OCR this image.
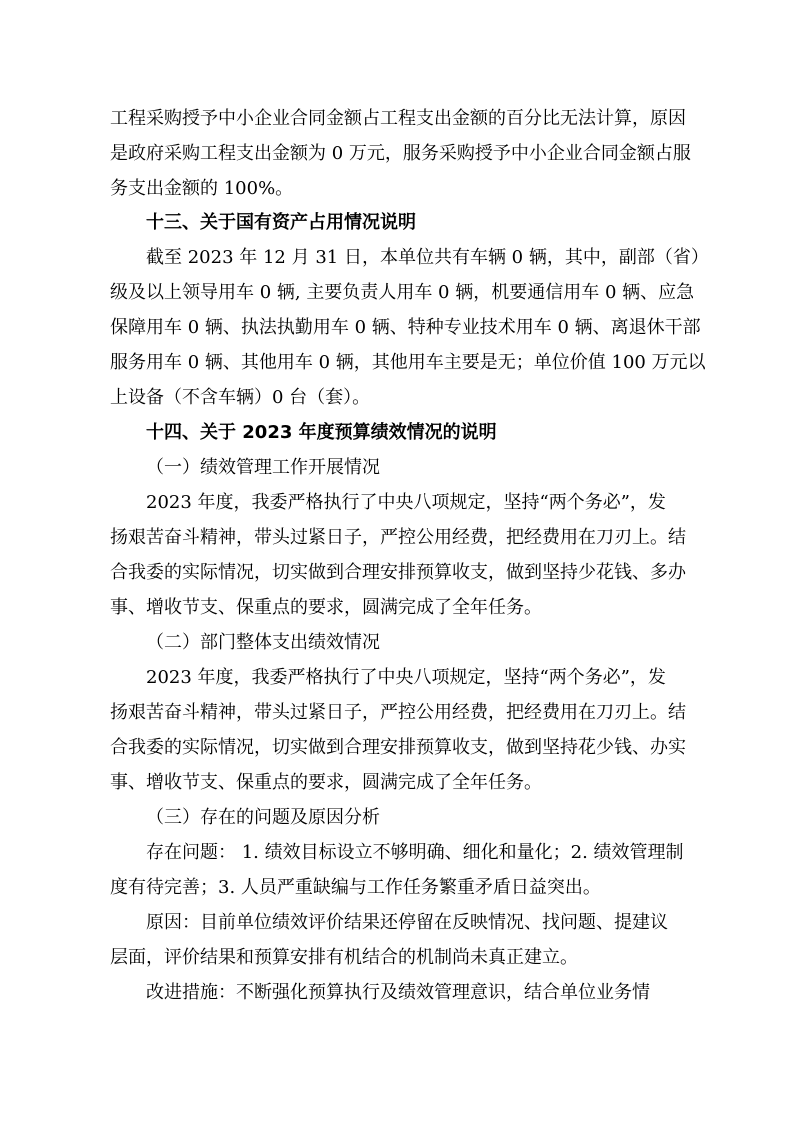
工程采购授予中小企业合同金额占工程支出金额的百分比无法计算，原因
是政府采购工程支出金额为 0 万元，服务采购授予中小企业合同金额占服
务支出金额的 100%。
十三、关于国有资产占用情况说明
截至 2023 年 12 月 31 日，本单位共有车辆 0 辆，其中，副部（省）
级及以上领导用车 0 辆, 主要负责人用车 0 辆，机要通信用车 0 辆、应急
保障用车 0 辆、执法执勤用车 0 辆、特种专业技术用车 0 辆、离退休干部
服务用车 0 辆、其他用车 0 辆，其他用车主要是无；单位价值 100 万元以
上设备（不含车辆）0 台（套）。
十四、关于 2023 年度预算绩效情况的说明
（一）绩效管理工作开展情况
2023 年度，我委严格执行了中央八项规定，坚持“两个务必”，发
扬艰苦奋斗精神，带头过紧日子，严控公用经费，把经费用在刀刃上。结
合我委的实际情况，切实做到合理安排预算收支，做到坚持少花钱、多办
事、增收节支、保重点的要求，圆满完成了全年任务。
（二）部门整体支出绩效情况
2023 年度，我委严格执行了中央八项规定，坚持“两个务必”，发
扬艰苦奋斗精神，带头过紧日子，严控公用经费，把经费用在刀刃上。结
合我委的实际情况，切实做到合理安排预算收支，做到坚持花少钱、办实
事、增收节支、保重点的要求，圆满完成了全年任务。
（三）存在的问题及原因分析
存在问题： 1. 绩效目标设立不够明确、细化和量化；2. 绩效管理制
度有待完善；3. 人员严重缺编与工作任务繁重矛盾日益突出。
原因：目前单位绩效评价结果还停留在反映情况、找问题、提建议
层面，评价结果和预算安排有机结合的机制尚未真正建立。
改进措施：不断强化预算执行及绩效管理意识，结合单位业务情
